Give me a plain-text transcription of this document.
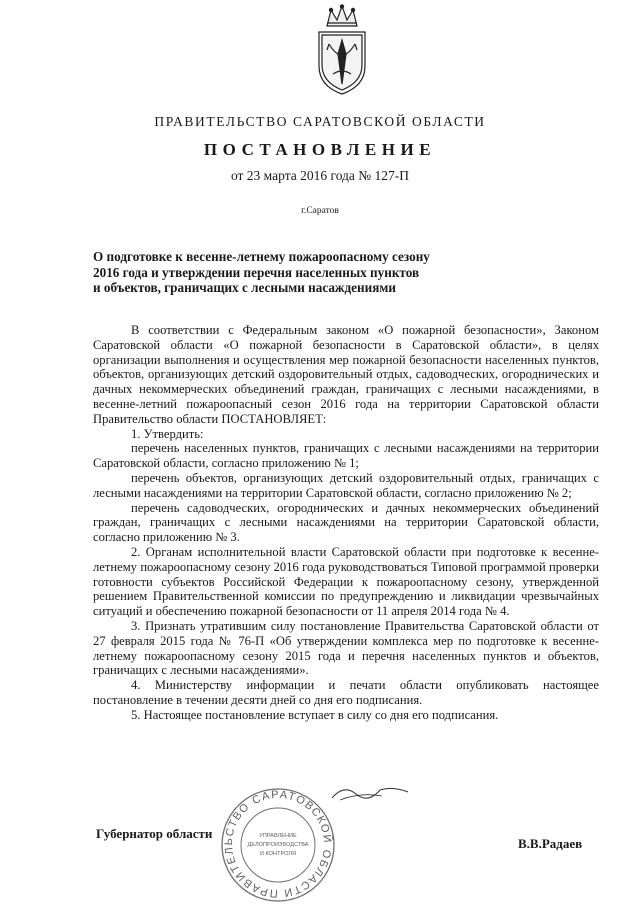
ПРАВИТЕЛЬСТВО САРАТОВСКОЙ ОБЛАСТИ
ПОСТАНОВЛЕНИЕ
от 23 марта 2016 года № 127-П
г.Саратов
О подготовке к весенне-летнему пожароопасному сезону
2016 года и утверждении перечня населенных пунктов
и объектов, граничащих с лесными насаждениями

В соответствии с Федеральным законом «О пожарной безопасности», Законом Саратовской области «О пожарной безопасности в Саратовской области», в целях организации выполнения и осуществления мер пожарной безопасности населенных пунктов, объектов, организующих детский оздоровительный отдых, садоводческих, огороднических и дачных некоммерческих объединений граждан, граничащих с лесными насаждениями, в весенне-летний пожароопасный сезон 2016 года на территории Саратовской области Правительство области ПОСТАНОВЛЯЕТ:

1. Утвердить:

перечень населенных пунктов, граничащих с лесными насаждениями на территории Саратовской области, согласно приложению № 1;

перечень объектов, организующих детский оздоровительный отдых, граничащих с лесными насаждениями на территории Саратовской области, согласно приложению № 2;

перечень садоводческих, огороднических и дачных некоммерческих объединений граждан, граничащих с лесными насаждениями на территории Саратовской области, согласно приложению № 3.

2. Органам исполнительной власти Саратовской области при подготовке к весенне-летнему пожароопасному сезону 2016 года руководствоваться Типовой программой проверки готовности субъектов Российской Федерации к пожароопасному сезону, утвержденной решением Правительственной комиссии по предупреждению и ликвидации чрезвычайных ситуаций и обеспечению пожарной безопасности от 11 апреля 2014 года № 4.

3. Признать утратившим силу постановление Правительства Саратовской области от 27 февраля 2015 года № 76-П «Об утверждении комплекса мер по подготовке к весенне-летнему пожароопасному сезону 2015 года и перечня населенных пунктов и объектов, граничащих с лесными насаждениями».

4. Министерству информации и печати области опубликовать настоящее постановление в течении десяти дней со дня его подписания.

5. Настоящее постановление вступает в силу со дня его подписания.

Губернатор области
В.В.Радаев
ПРАВИТЕЛЬСТВО САРАТОВСКОЙ ОБЛАСТИ
УПРАВЛЕНИЕ
ДЕЛОПРОИЗВОДСТВА
И КОНТРОЛЯ
